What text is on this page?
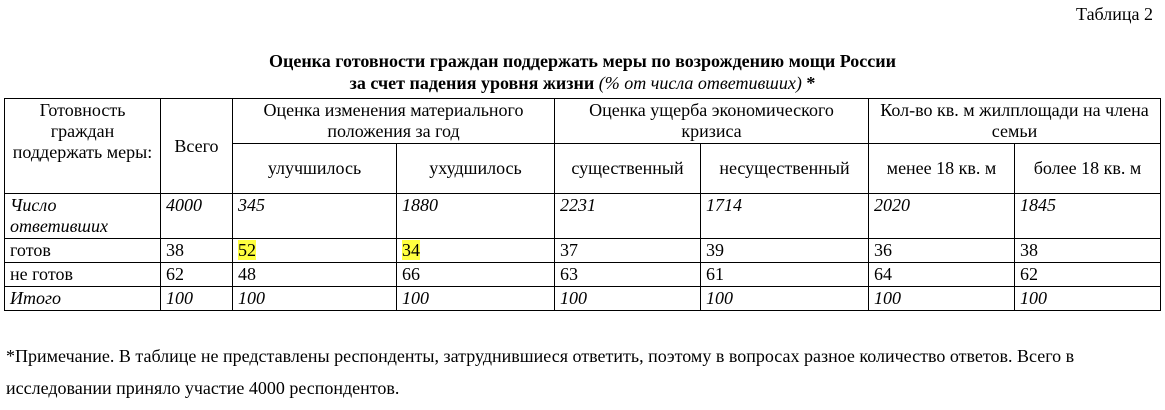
Таблица 2
Оценка готовности граждан поддержать меры по возрождению мощи России
за счет падения уровня жизни (% от числа ответивших) *
Готовность граждан поддержать меры:	Всего	Оценка изменения материального положения за год		Оценка ущерба экономического кризиса		Кол-во кв. м жилплощади на члена семьи	
		улучшилось	ухудшилось	существенный	несущественный	менее 18 кв. м	более 18 кв. м
Число ответивших	4000	345	1880	2231	1714	2020	1845
готов	38	52	34	37	39	36	38
не готов	62	48	66	63	61	64	62
Итого	100	100	100	100	100	100	100
*Примечание. В таблице не представлены респонденты, затруднившиеся ответить, поэтому в вопросах разное количество ответов. Всего в исследовании приняло участие 4000 респондентов.
